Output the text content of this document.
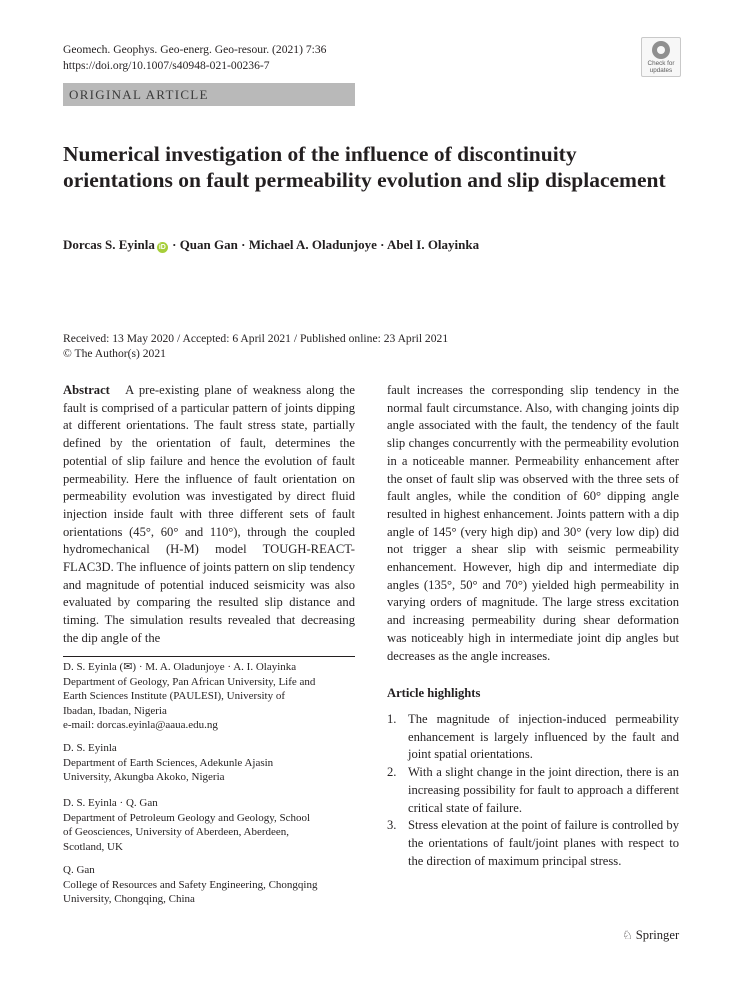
Geomech. Geophys. Geo-energ. Geo-resour. (2021) 7:36
https://doi.org/10.1007/s40948-021-00236-7	Check for
updates
ORIGINAL ARTICLE
Numerical investigation of the influence of discontinuity orientations on fault permeability evolution and slip displacement
Dorcas S. Eyinla iD · Quan Gan · Michael A. Oladunjoye · Abel I. Olayinka
Received: 13 May 2020 / Accepted: 6 April 2021 / Published online: 23 April 2021
© The Author(s) 2021

Abstract A pre-existing plane of weakness along the fault is comprised of a particular pattern of joints dipping at different orientations. The fault stress state, partially defined by the orientation of fault, determines the potential of slip failure and hence the evolution of fault permeability. Here the influence of fault orientation on permeability evolution was investigated by direct fluid injection inside fault with three different sets of fault orientations (45°, 60° and 110°), through the coupled hydromechanical (H-M) model TOUGH-REACT-FLAC3D. The influence of joints pattern on slip tendency and magnitude of potential induced seismicity was also evaluated by comparing the resulted slip distance and timing. The simulation results revealed that decreasing the dip angle of the

fault increases the corresponding slip tendency in the normal fault circumstance. Also, with changing joints dip angle associated with the fault, the tendency of the fault slip changes concurrently with the permeability evolution in a noticeable manner. Permeability enhancement after the onset of fault slip was observed with the three sets of fault angles, while the condition of 60° dipping angle resulted in highest enhancement. Joints pattern with a dip angle of 145° (very high dip) and 30° (very low dip) did not trigger a shear slip with seismic permeability enhancement. However, high dip and intermediate dip angles (135°, 50° and 70°) yielded high permeability in varying orders of magnitude. The large stress excitation and increasing permeability during shear deformation was noticeably high in intermediate joint dip angles but decreases as the angle increases.

D. S. Eyinla (✉) · M. A. Oladunjoye · A. I. Olayinka
Department of Geology, Pan African University, Life and
Earth Sciences Institute (PAULESI), University of
Ibadan, Ibadan, Nigeria
e-mail: dorcas.eyinla@aaua.edu.ng
D. S. Eyinla
Department of Earth Sciences, Adekunle Ajasin
University, Akungba Akoko, Nigeria
D. S. Eyinla · Q. Gan
Department of Petroleum Geology and Geology, School
of Geosciences, University of Aberdeen, Aberdeen,
Scotland, UK
Q. Gan
College of Resources and Safety Engineering, Chongqing
University, Chongqing, China
Article highlights
1. The magnitude of injection-induced permeability enhancement is largely influenced by the fault and joint spatial orientations.
2. With a slight change in the joint direction, there is an increasing possibility for fault to approach a different critical state of failure.
3. Stress elevation at the point of failure is controlled by the orientations of fault/joint planes with respect to the direction of maximum principal stress.
♘ Springer
